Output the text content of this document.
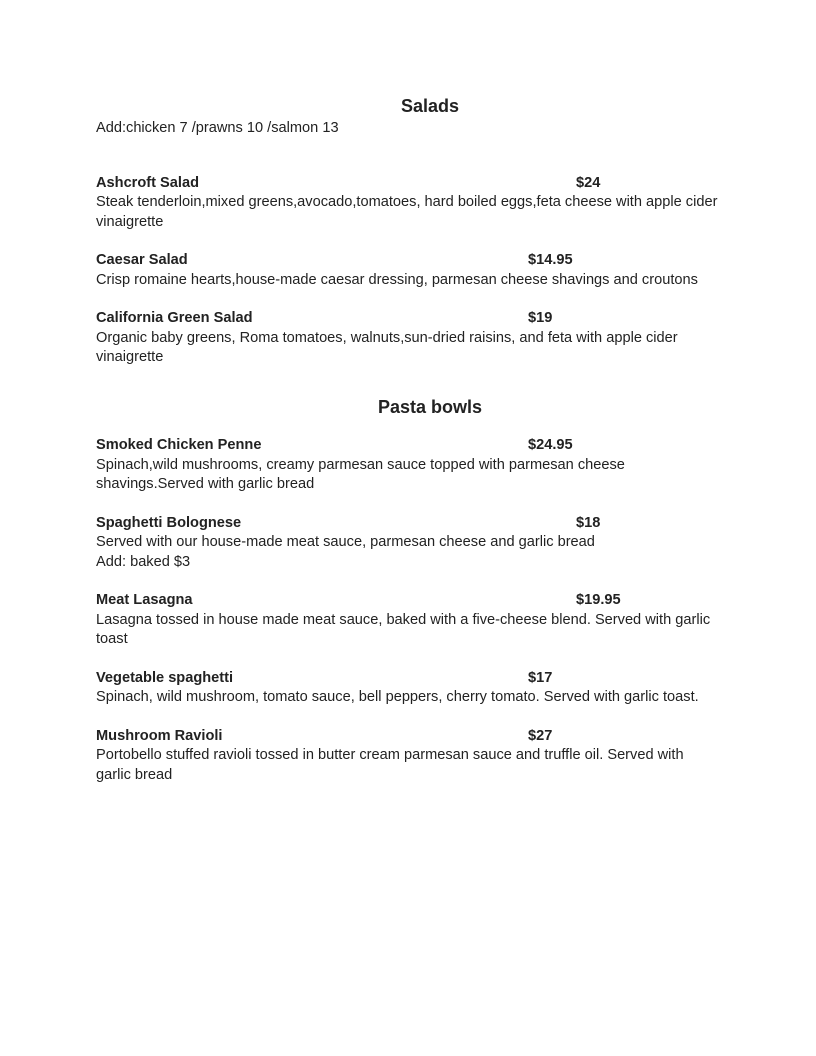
Salads

Add:chicken 7 /prawns 10 /salmon 13

Ashcroft Salad	$24

Steak tenderloin,mixed greens,avocado,tomatoes, hard boiled eggs,feta cheese with apple cider vinaigrette

Caesar Salad	$14.95

Crisp romaine hearts,house-made caesar dressing, parmesan cheese shavings and croutons

California Green Salad	$19

Organic baby greens, Roma tomatoes, walnuts,sun-dried raisins, and feta with apple cider vinaigrette

Pasta bowls
Smoked Chicken Penne	$24.95

Spinach,wild mushrooms, creamy parmesan sauce topped with parmesan cheese shavings.Served with garlic bread

Spaghetti Bolognese	$18

Served with our house-made meat sauce, parmesan cheese and garlic bread

Add: baked $3

Meat Lasagna	$19.95

Lasagna tossed in house made meat sauce, baked with a five-cheese blend. Served with garlic toast

Vegetable spaghetti	$17

Spinach, wild mushroom, tomato sauce, bell peppers, cherry tomato. Served with garlic toast.

Mushroom Ravioli	$27

Portobello stuffed ravioli tossed in butter cream parmesan sauce and truffle oil. Served with garlic bread
